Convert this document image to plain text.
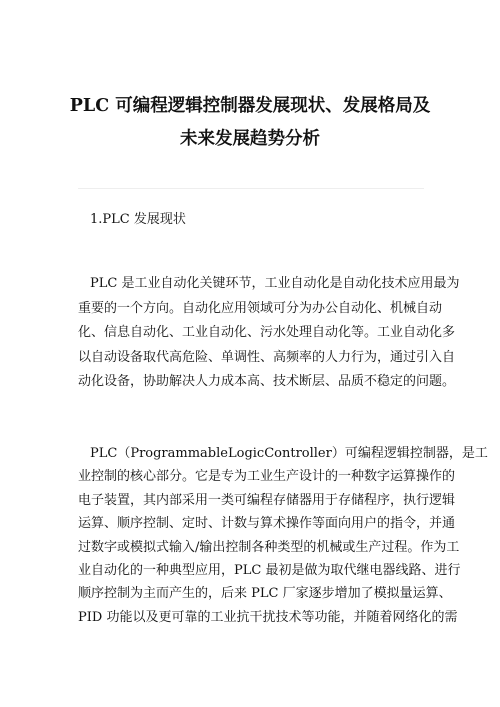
PLC 可编程逻辑控制器发展现状、发展格局及
未来发展趋势分析

1.PLC 发展现状

PLC 是工业自动化关键环节，工业自动化是自动化技术应用最为
重要的一个方向。自动化应用领域可分为办公自动化、机械自动
化、信息自动化、工业自动化、污水处理自动化等。工业自动化多
以自动设备取代高危险、单调性、高频率的人力行为，通过引入自
动化设备，协助解决人力成本高、技术断层、品质不稳定的问题。

PLC（ProgrammableLogicController）可编程逻辑控制器，是工
业控制的核心部分。它是专为工业生产设计的一种数字运算操作的
电子装置，其内部采用一类可编程存储器用于存储程序，执行逻辑
运算、顺序控制、定时、计数与算术操作等面向用户的指令，并通
过数字或模拟式输入/输出控制各种类型的机械或生产过程。作为工
业自动化的一种典型应用，PLC 最初是做为取代继电器线路、进行
顺序控制为主而产生的，后来 PLC 厂家逐步增加了模拟量运算、
PID 功能以及更可靠的工业抗干扰技术等功能，并随着网络化的需
